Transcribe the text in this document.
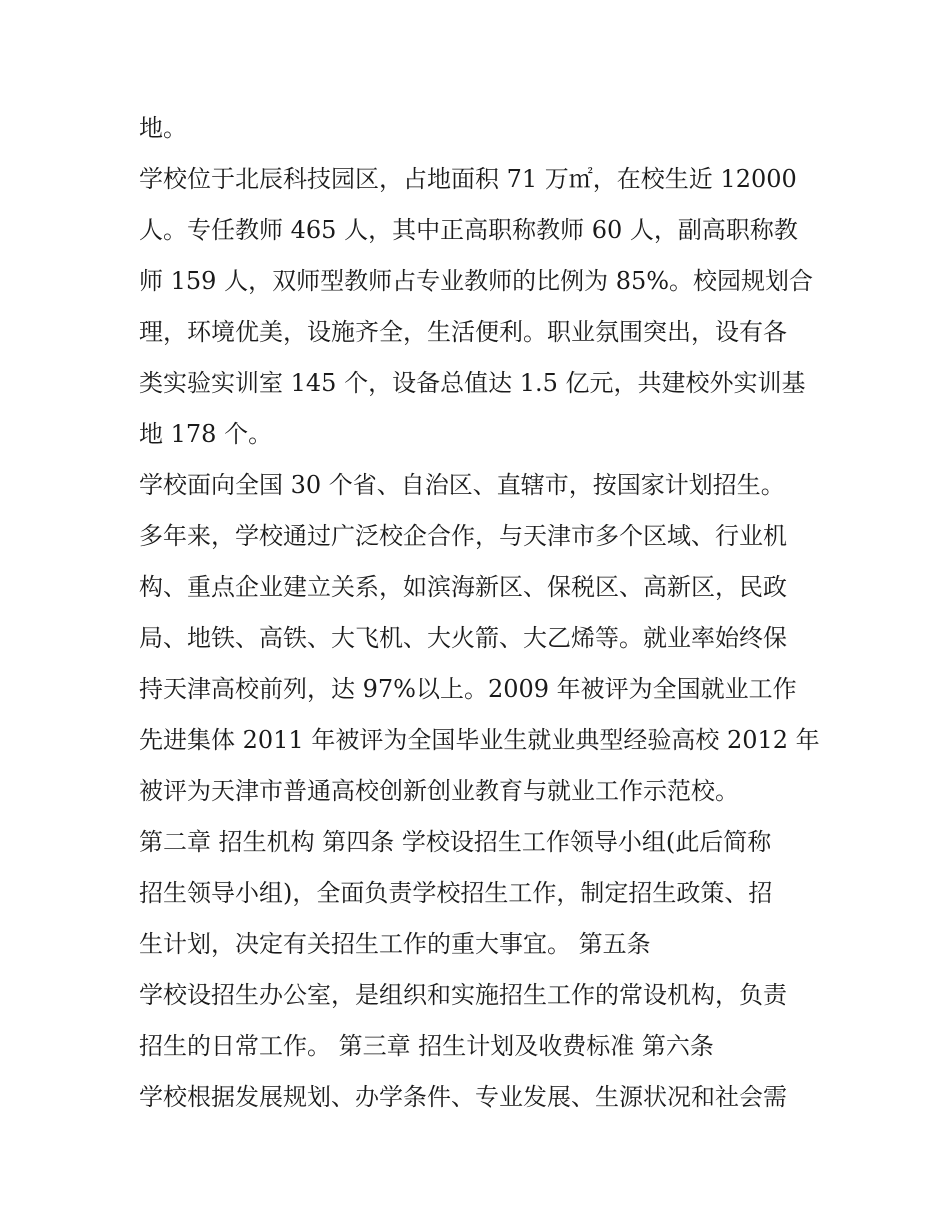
地。
学校位于北辰科技园区，占地面积 71 万㎡，在校生近 12000
人。专任教师 465 人，其中正高职称教师 60 人，副高职称教
师 159 人，双师型教师占专业教师的比例为 85%。校园规划合
理，环境优美，设施齐全，生活便利。职业氛围突出，设有各
类实验实训室 145 个，设备总值达 1.5 亿元，共建校外实训基
地 178 个。
学校面向全国 30 个省、自治区、直辖市，按国家计划招生。
多年来，学校通过广泛校企合作，与天津市多个区域、行业机
构、重点企业建立关系，如滨海新区、保税区、高新区，民政
局、地铁、高铁、大飞机、大火箭、大乙烯等。就业率始终保
持天津高校前列，达 97%以上。2009 年被评为全国就业工作
先进集体 2011 年被评为全国毕业生就业典型经验高校 2012 年
被评为天津市普通高校创新创业教育与就业工作示范校。
第二章 招生机构 第四条 学校设招生工作领导小组(此后简称
招生领导小组)，全面负责学校招生工作，制定招生政策、招
生计划，决定有关招生工作的重大事宜。 第五条
学校设招生办公室，是组织和实施招生工作的常设机构，负责
招生的日常工作。 第三章 招生计划及收费标准 第六条
学校根据发展规划、办学条件、专业发展、生源状况和社会需
